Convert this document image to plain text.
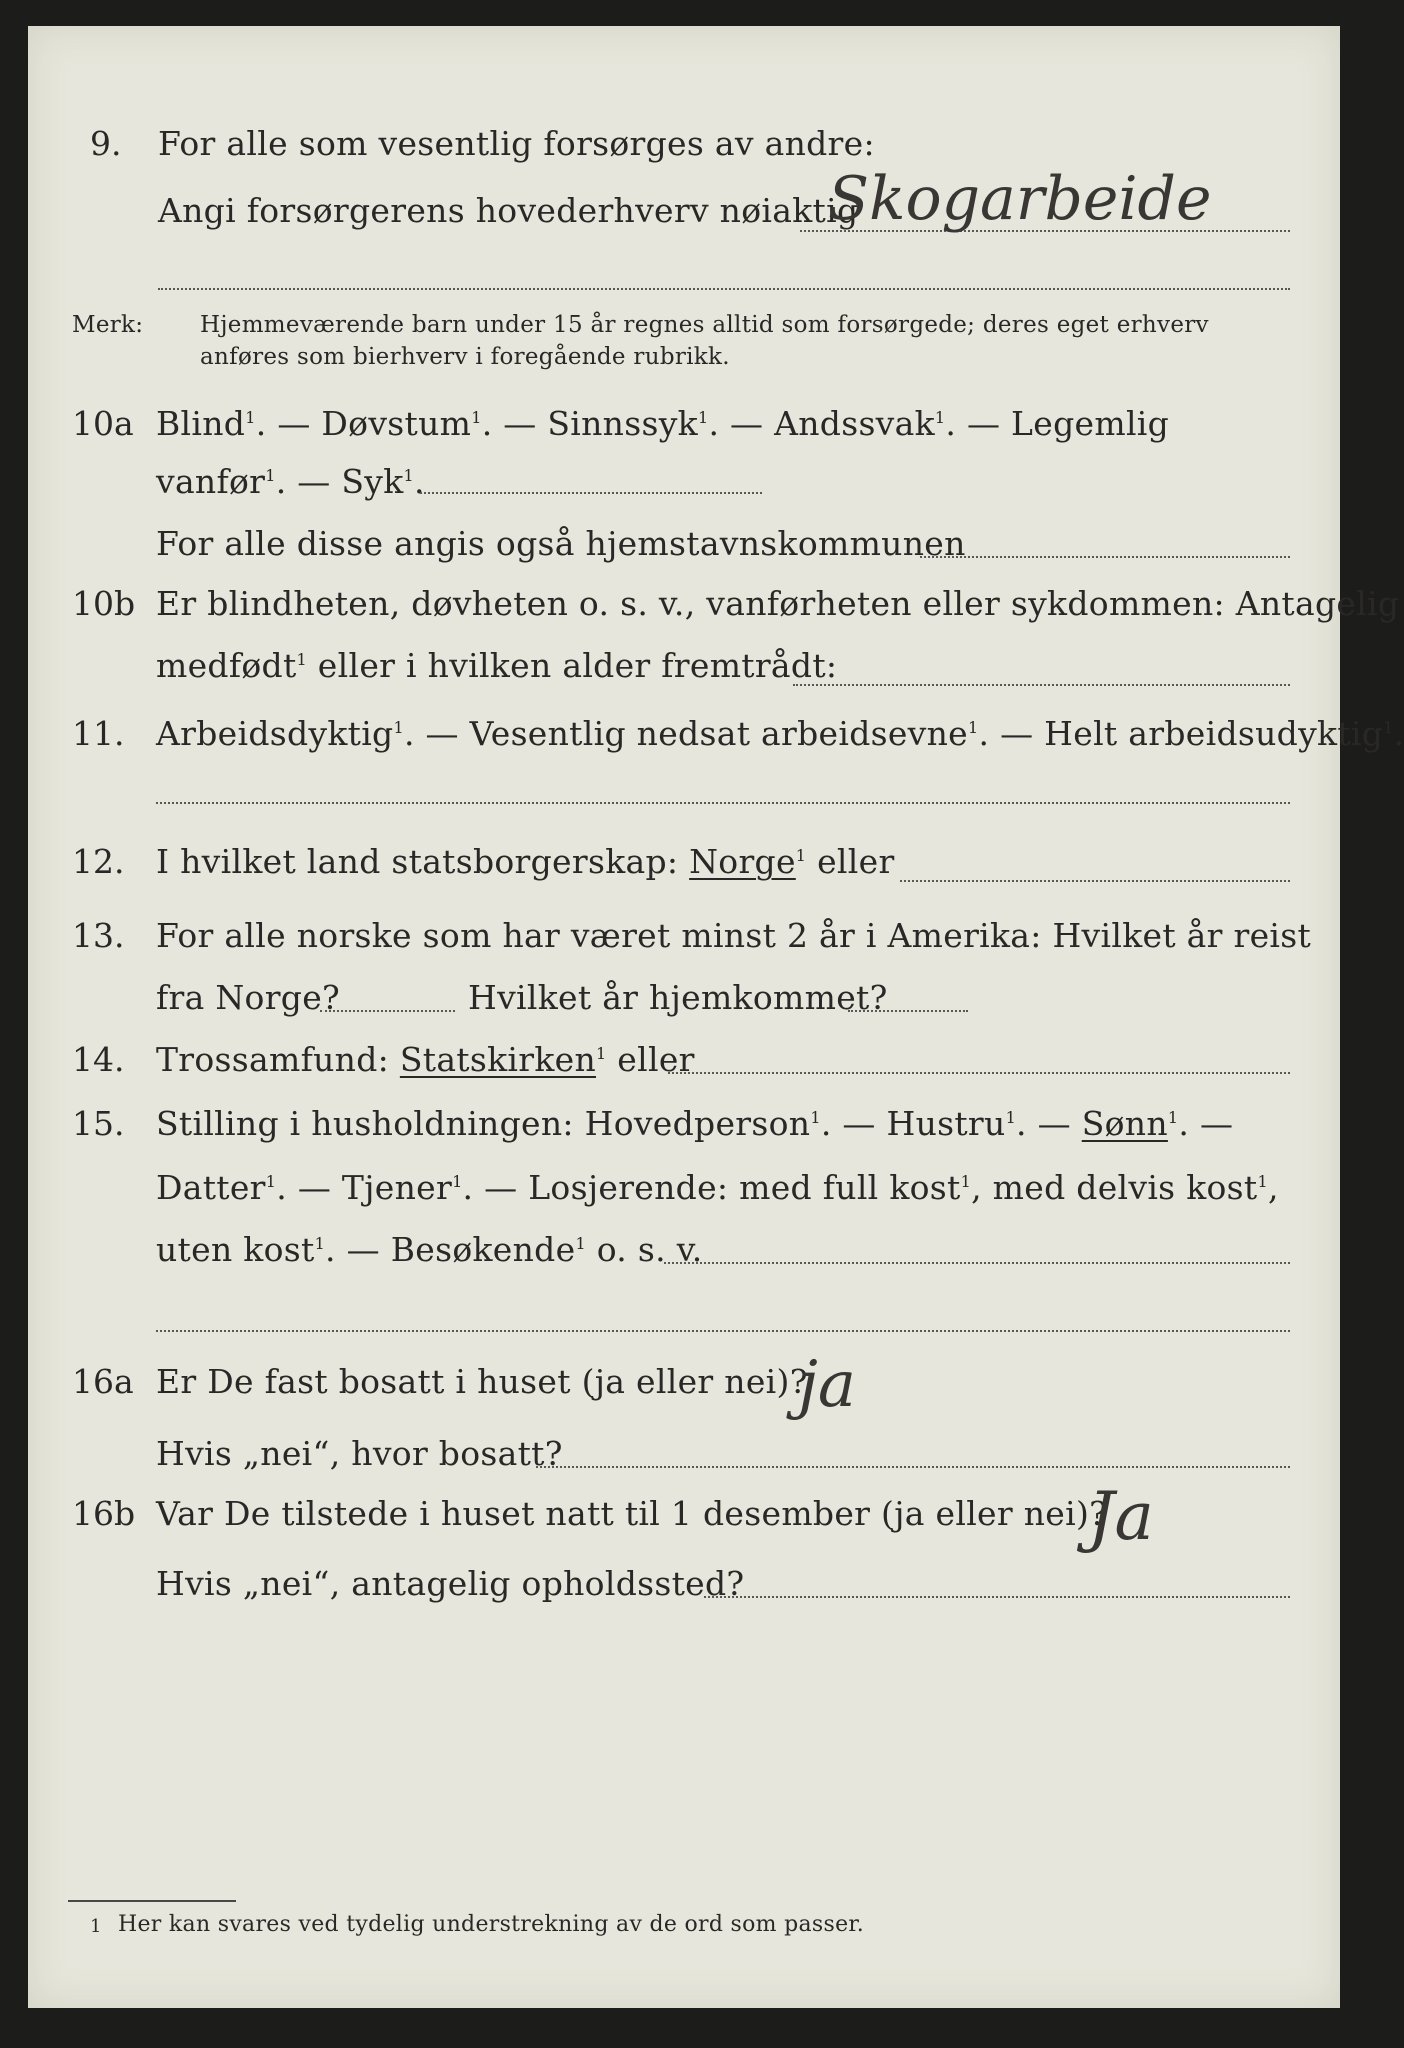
9. For alle som vesentlig forsørges av andre:
Angi forsørgerens hovederhverv nøiaktig
Skogarbeide
Merk: Hjemmeværende barn under 15 år regnes alltid som forsørgede; deres eget erhverv
anføres som bierhverv i foregående rubrikk.
10a Blind$^1$. — Døvstum$^1$. — Sinnssyk$^1$. — Andssvak$^1$. — Legemlig
vanfør$^1$. — Syk$^1$.
For alle disse angis også hjemstavnskommunen
10b Er blindheten, døvheten o. s. v., vanførheten eller sykdommen: Antagelig
medfødt$^1$ eller i hvilken alder fremtrådt:
11. Arbeidsdyktig$^1$. — Vesentlig nedsat arbeidsevne$^1$. — Helt arbeidsudyktig$^1$.
12. I hvilket land statsborgerskap: Norge$^1$ eller
13. For alle norske som har været minst 2 år i Amerika: Hvilket år reist
fra Norge?	Hvilket år hjemkommet?
14. Trossamfund: Statskirken$^1$ eller
15. Stilling i husholdningen: Hovedperson$^1$. — Hustru$^1$. — Sønn$^1$. —
Datter$^1$. — Tjener$^1$. — Losjerende: med full kost$^1$, med delvis kost$^1$,
uten kost$^1$. — Besøkende$^1$ o. s. v.
16a Er De fast bosatt i huset (ja eller nei)?
ja
Hvis „nei“, hvor bosatt?
16b Var De tilstede i huset natt til 1 desember (ja eller nei)?
Ja
Hvis „nei“, antagelig opholdssted?
1 Her kan svares ved tydelig understrekning av de ord som passer.
